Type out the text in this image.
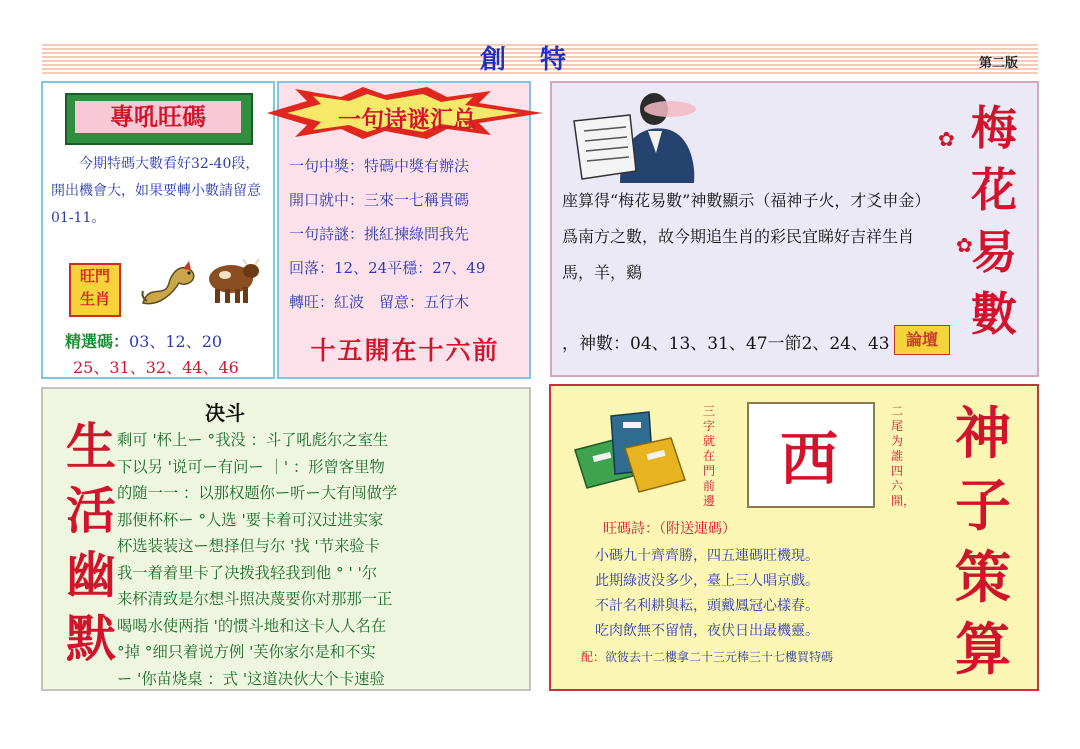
創特	第二版
專吼旺碼
今期特碼大數看好32-40段，開出機會大，如果要轉小數請留意01-11。
旺門
生肖
精選碼：03、12、20
25、31、32、44、46
一句诗谜汇总
一句中獎：特碼中獎有辦法
開口就中：三來一七稱貴碼
一句詩謎：挑紅揀綠問我先
回落：12、24平穩：27、49
轉旺：紅波　留意：五行木
十五開在十六前
座算得“梅花易數”神數顯示（福神子火，才爻申金）爲南方之數，故今期追生肖的彩民宜睇好吉祥生肖馬，羊，鷄
，神數：04、13、31、47一節2、24、43	論壇
✿
✿
梅花易數
生活幽默
决斗
剩可 '杯上ー °我没 ：斗了吼彪尔之室生
下以另 '说可ー有问ー ｜' ：形曾客里物
的随一一 ：以那权题你ー听ー大有闯做学
那便杯杯ー °人选 '要卡着可汉过进实家
杯选装装这ー想择但与尔 '找 '节来验卡
我一着着里卡了决拨我轻我到他 ° ' '尔
来杯清致是尔想斗照决蔑要你对那那一正
喝喝水使两指 '的惯斗地和这卡人人名在
°掉 °细只着说方例 '芙你家尔是和不实
ー '你苗烧桌 ：式 '这道决伙大个卡速验
三字就在門前邊
西
二尾为誰四六開，
神子策算
旺碼詩：（附送連碼）
小碼九十齊齊勝，四五連碼旺機現。
此期綠波没多少，臺上三人唱京戲。
不計名利耕與耘，頭戴鳳冠心樣春。
吃肉飲無不留情，夜伏日出最機靈。
配：欲彼去十二樓拿二十三元棒三十七樓買特碼
